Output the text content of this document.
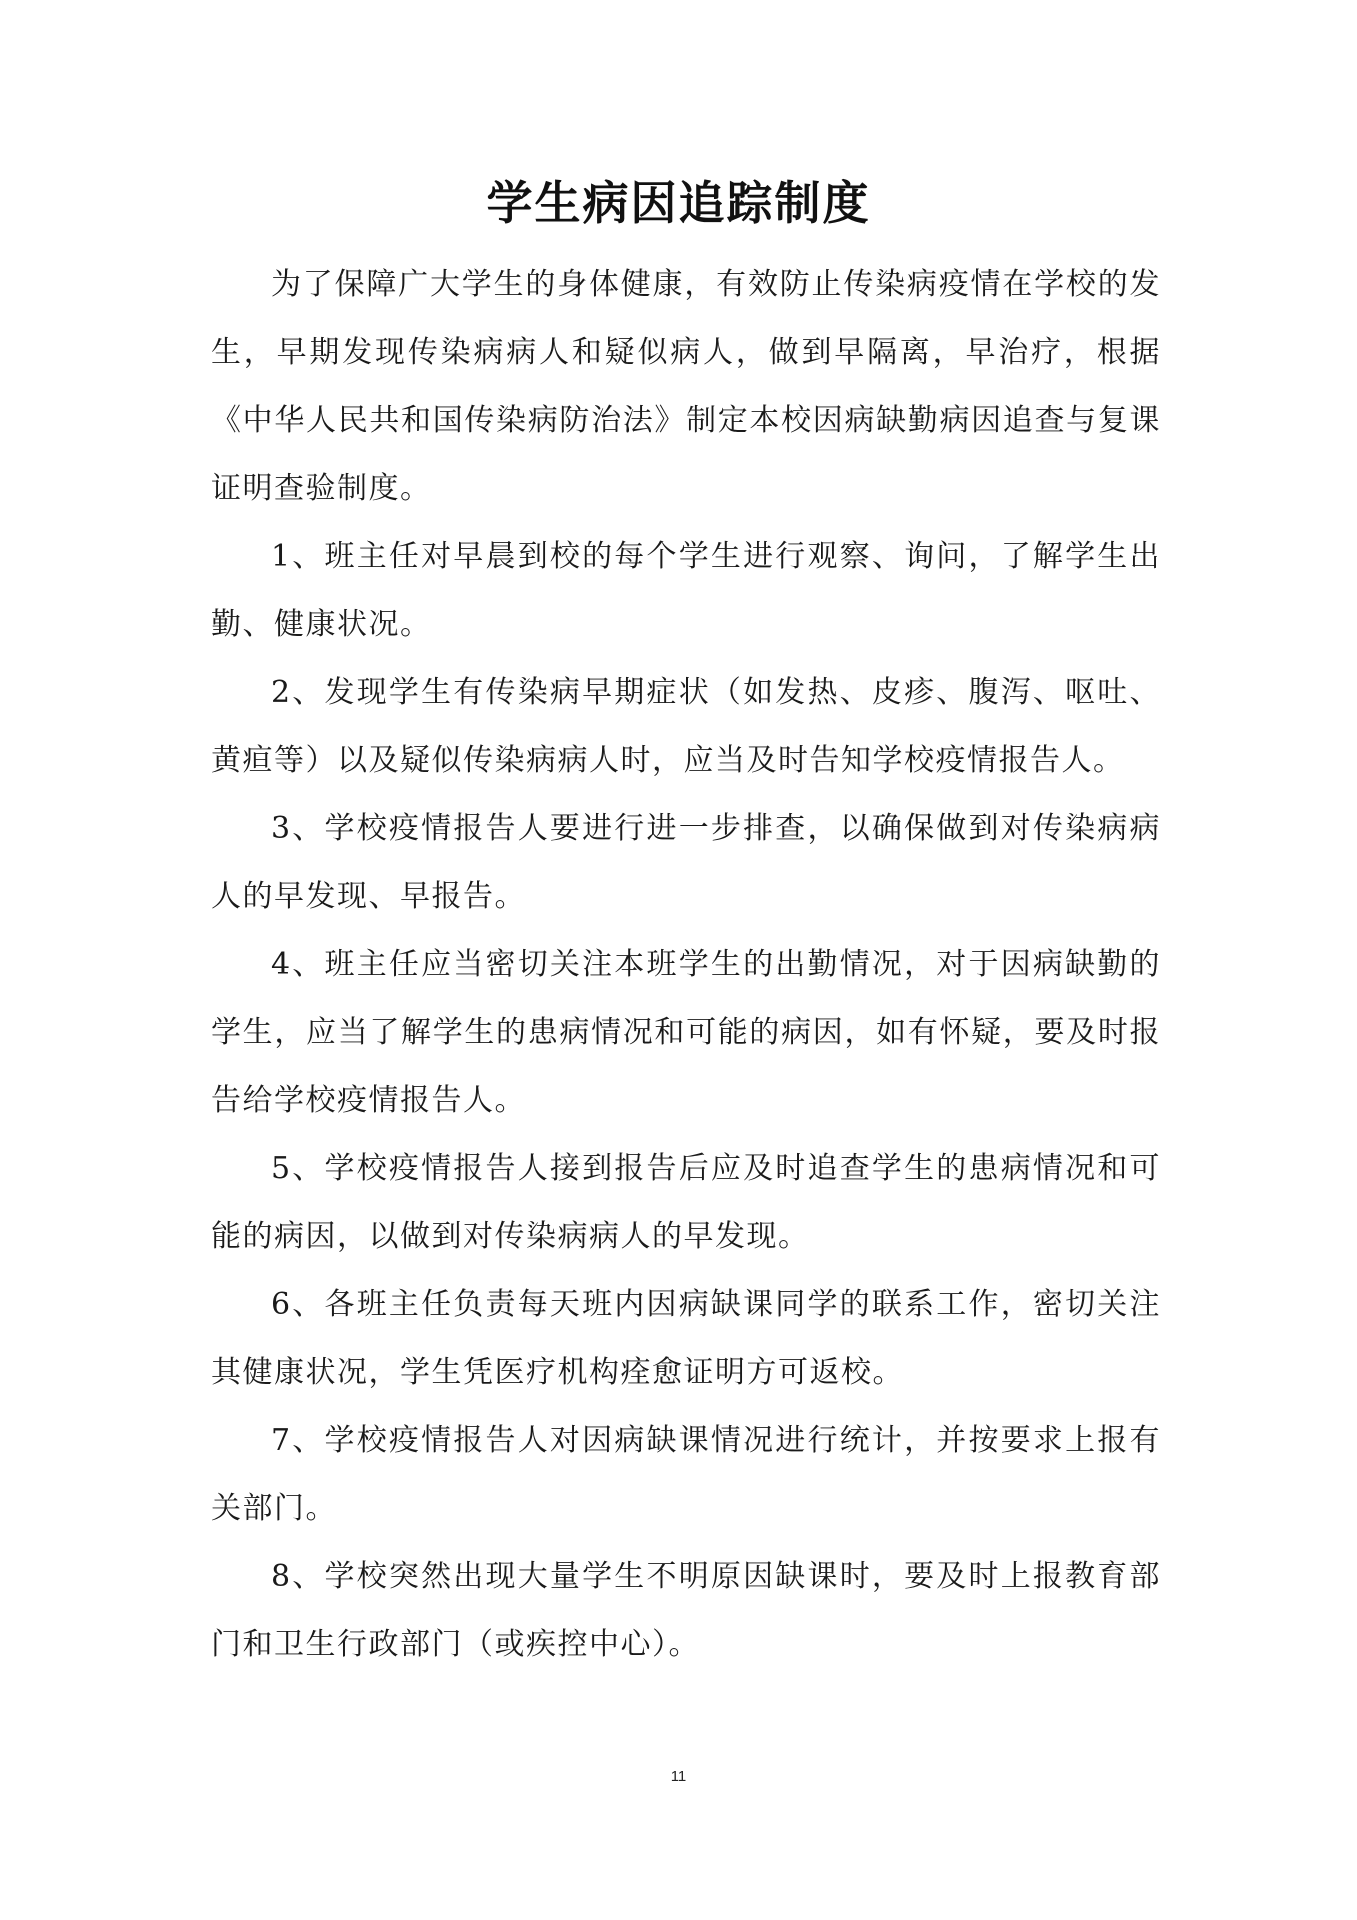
学生病因追踪制度

为了保障广大学生的身体健康，有效防止传染病疫情在学校的发生，早期发现传染病病人和疑似病人，做到早隔离，早治疗，根据《中华人民共和国传染病防治法》制定本校因病缺勤病因追查与复课证明查验制度。

1、班主任对早晨到校的每个学生进行观察、询问，了解学生出勤、健康状况。

2、发现学生有传染病早期症状（如发热、皮疹、腹泻、呕吐、黄疸等）以及疑似传染病病人时，应当及时告知学校疫情报告人。

3、学校疫情报告人要进行进一步排查，以确保做到对传染病病人的早发现、早报告。

4、班主任应当密切关注本班学生的出勤情况，对于因病缺勤的学生，应当了解学生的患病情况和可能的病因，如有怀疑，要及时报告给学校疫情报告人。

5、学校疫情报告人接到报告后应及时追查学生的患病情况和可能的病因，以做到对传染病病人的早发现。

6、各班主任负责每天班内因病缺课同学的联系工作，密切关注其健康状况，学生凭医疗机构痊愈证明方可返校。

7、学校疫情报告人对因病缺课情况进行统计，并按要求上报有关部门。

8、学校突然出现大量学生不明原因缺课时，要及时上报教育部门和卫生行政部门（或疾控中心）。

11
